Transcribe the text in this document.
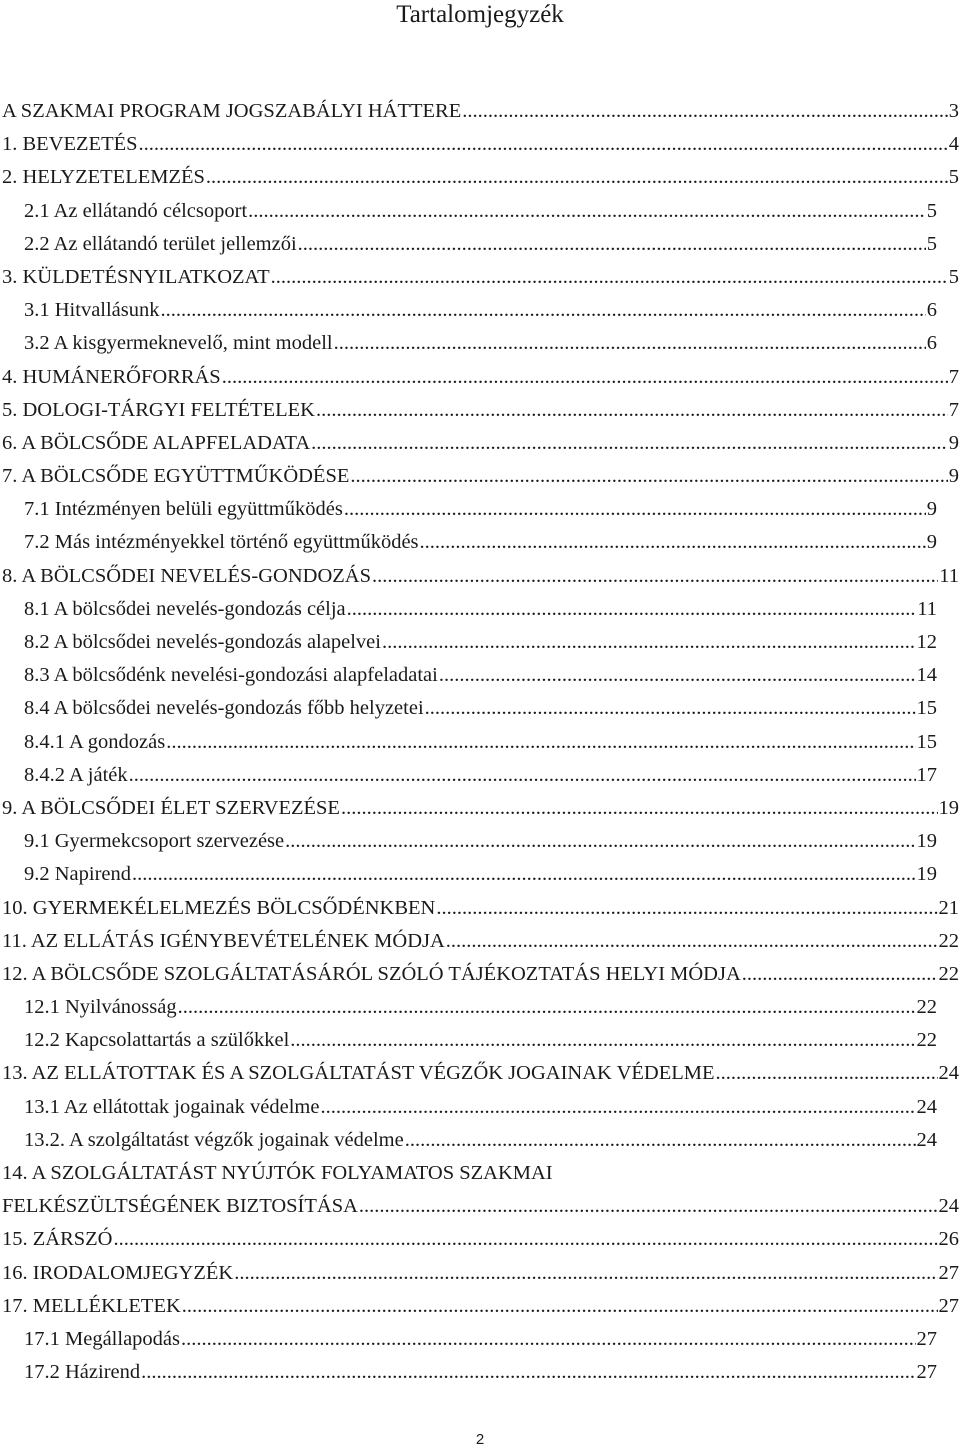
Tartalomjegyzék
A SZAKMAI PROGRAM JOGSZABÁLYI HÁTTERE .....	3
1. BEVEZETÉS .....	4
2. HELYZETELEMZÉS .....	5
2.1 Az ellátandó célcsoport .....	5
2.2 Az ellátandó terület jellemzői .....	5
3. KÜLDETÉSNYILATKOZAT .....	5
3.1 Hitvallásunk .....	6
3.2 A kisgyermeknevelő, mint modell .....	6
4. HUMÁNERŐFORRÁS .....	7
5. DOLOGI-TÁRGYI FELTÉTELEK .....	7
6. A BÖLCSŐDE ALAPFELADATA .....	9
7. A BÖLCSŐDE EGYÜTTMŰKÖDÉSE .....	9
7.1 Intézményen belüli együttműködés .....	9
7.2 Más intézményekkel történő együttműködés .....	9
8. A BÖLCSŐDEI NEVELÉS-GONDOZÁS .....	11
8.1 A bölcsődei nevelés-gondozás célja .....	11
8.2 A bölcsődei nevelés-gondozás alapelvei .....	12
8.3 A bölcsődénk nevelési-gondozási alapfeladatai .....	14
8.4 A bölcsődei nevelés-gondozás főbb helyzetei .....	15
8.4.1 A gondozás .....	15
8.4.2 A játék .....	17
9. A BÖLCSŐDEI ÉLET SZERVEZÉSE .....	19
9.1 Gyermekcsoport szervezése .....	19
9.2 Napirend .....	19
10. GYERMEKÉLELMEZÉS BÖLCSŐDÉNKBEN .....	21
11. AZ ELLÁTÁS IGÉNYBEVÉTELÉNEK MÓDJA .....	22
12. A BÖLCSŐDE SZOLGÁLTATÁSÁRÓL SZÓLÓ TÁJÉKOZTATÁS HELYI MÓDJA .....	22
12.1 Nyilvánosság .....	22
12.2 Kapcsolattartás a szülőkkel .....	22
13. AZ ELLÁTOTTAK ÉS A SZOLGÁLTATÁST VÉGZŐK JOGAINAK VÉDELME .....	24
13.1 Az ellátottak jogainak védelme .....	24
13.2. A szolgáltatást végzők jogainak védelme .....	24
14. A SZOLGÁLTATÁST NYÚJTÓK FOLYAMATOS SZAKMAI
FELKÉSZÜLTSÉGÉNEK BIZTOSÍTÁSA .....	24
15. ZÁRSZÓ .....	26
16. IRODALOMJEGYZÉK .....	27
17. MELLÉKLETEK .....	27
17.1 Megállapodás .....	27
17.2 Házirend .....	27
2
